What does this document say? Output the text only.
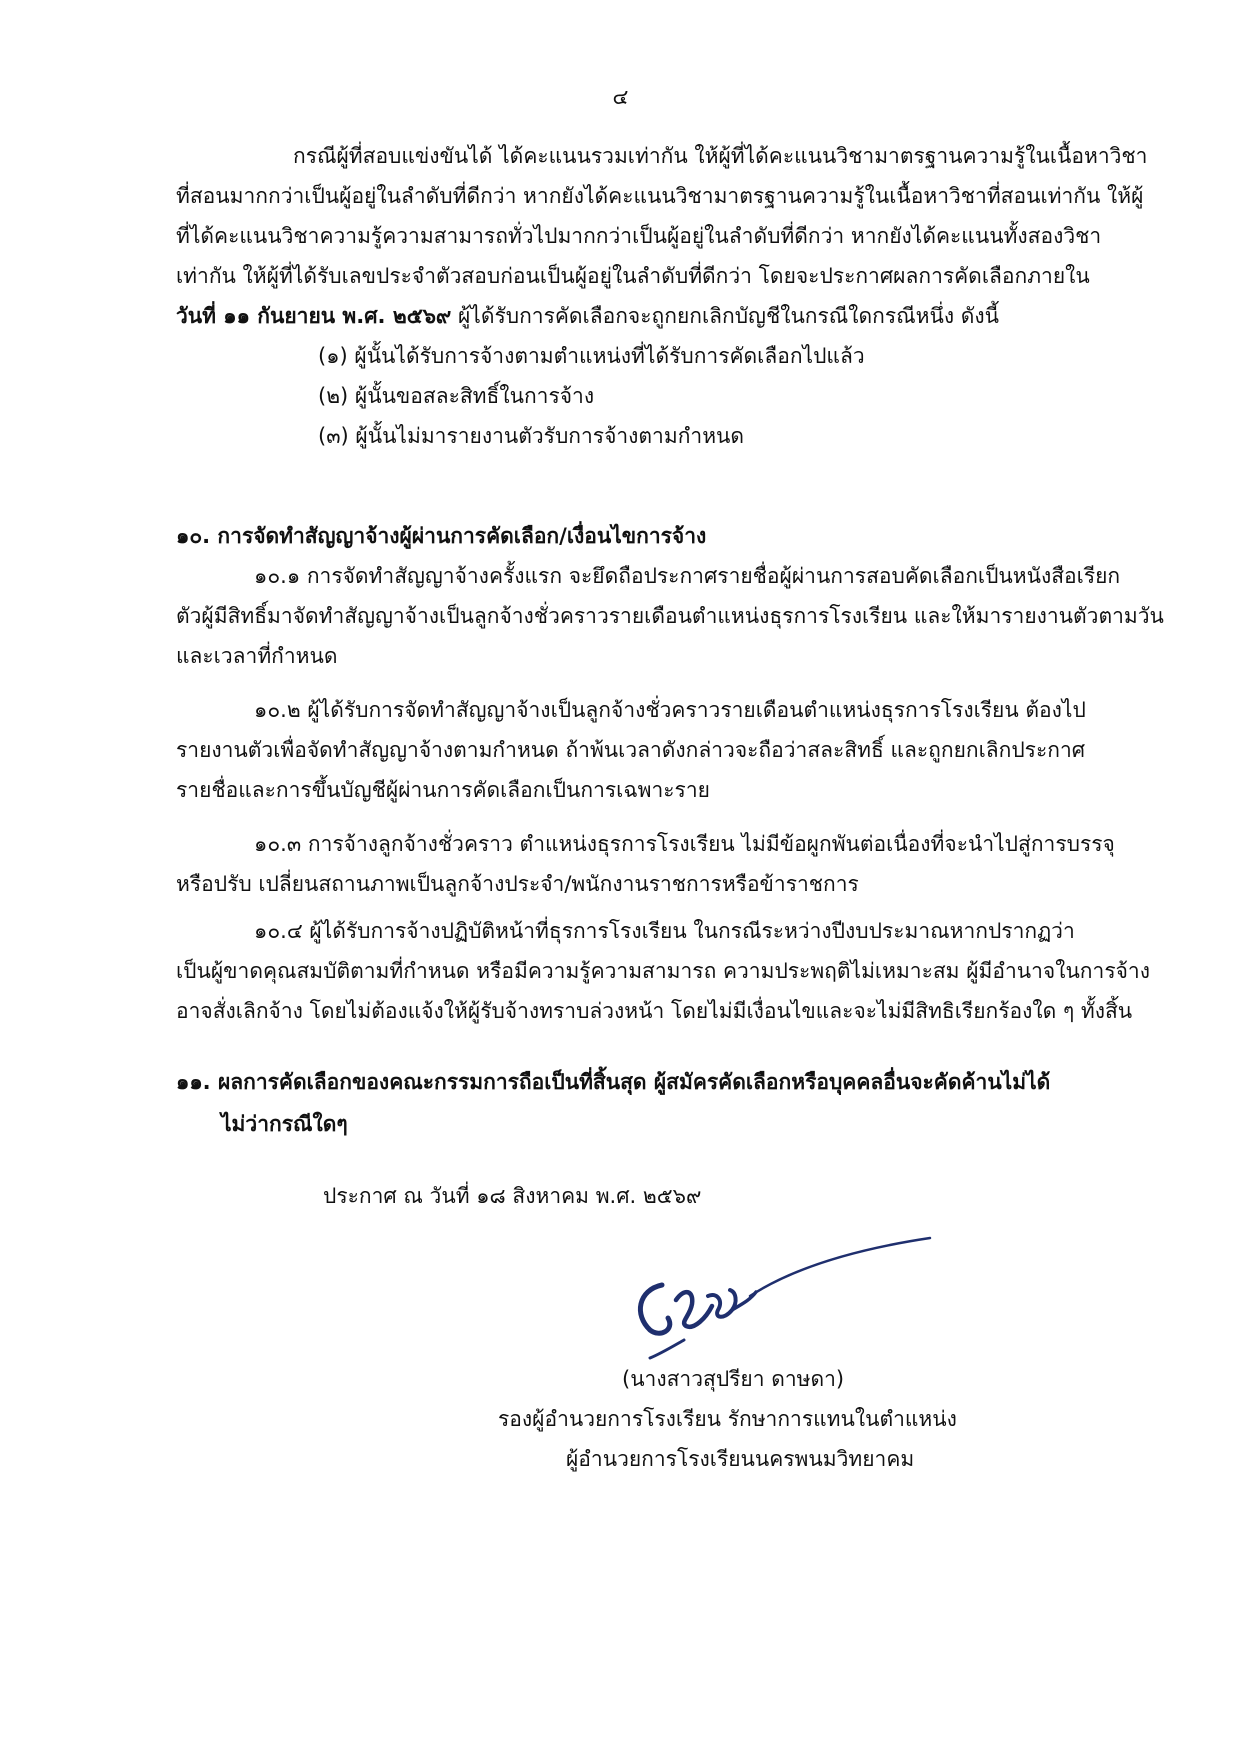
๔
กรณีผู้ที่สอบแข่งขันได้ ได้คะแนนรวมเท่ากัน ให้ผู้ที่ได้คะแนนวิชามาตรฐานความรู้ในเนื้อหาวิชา
ที่สอนมากกว่าเป็นผู้อยู่ในลำดับที่ดีกว่า หากยังได้คะแนนวิชามาตรฐานความรู้ในเนื้อหาวิชาที่สอนเท่ากัน ให้ผู้
ที่ได้คะแนนวิชาความรู้ความสามารถทั่วไปมากกว่าเป็นผู้อยู่ในลำดับที่ดีกว่า หากยังได้คะแนนทั้งสองวิชา
เท่ากัน ให้ผู้ที่ได้รับเลขประจำตัวสอบก่อนเป็นผู้อยู่ในลำดับที่ดีกว่า โดยจะประกาศผลการคัดเลือกภายใน
วันที่ ๑๑ กันยายน พ.ศ. ๒๕๖๙ ผู้ได้รับการคัดเลือกจะถูกยกเลิกบัญชีในกรณีใดกรณีหนึ่ง ดังนี้
(๑) ผู้นั้นได้รับการจ้างตามตำแหน่งที่ได้รับการคัดเลือกไปแล้ว
(๒) ผู้นั้นขอสละสิทธิ์ในการจ้าง
(๓) ผู้นั้นไม่มารายงานตัวรับการจ้างตามกำหนด
๑๐. การจัดทำสัญญาจ้างผู้ผ่านการคัดเลือก/เงื่อนไขการจ้าง
๑๐.๑ การจัดทำสัญญาจ้างครั้งแรก จะยึดถือประกาศรายชื่อผู้ผ่านการสอบคัดเลือกเป็นหนังสือเรียก
ตัวผู้มีสิทธิ์มาจัดทำสัญญาจ้างเป็นลูกจ้างชั่วคราวรายเดือนตำแหน่งธุรการโรงเรียน และให้มารายงานตัวตามวัน
และเวลาที่กำหนด
๑๐.๒ ผู้ได้รับการจัดทำสัญญาจ้างเป็นลูกจ้างชั่วคราวรายเดือนตำแหน่งธุรการโรงเรียน ต้องไป
รายงานตัวเพื่อจัดทำสัญญาจ้างตามกำหนด ถ้าพ้นเวลาดังกล่าวจะถือว่าสละสิทธิ์ และถูกยกเลิกประกาศ
รายชื่อและการขึ้นบัญชีผู้ผ่านการคัดเลือกเป็นการเฉพาะราย
๑๐.๓ การจ้างลูกจ้างชั่วคราว ตำแหน่งธุรการโรงเรียน ไม่มีข้อผูกพันต่อเนื่องที่จะนำไปสู่การบรรจุ
หรือปรับ เปลี่ยนสถานภาพเป็นลูกจ้างประจำ/พนักงานราชการหรือข้าราชการ
๑๐.๔ ผู้ได้รับการจ้างปฏิบัติหน้าที่ธุรการโรงเรียน ในกรณีระหว่างปีงบประมาณหากปรากฏว่า
เป็นผู้ขาดคุณสมบัติตามที่กำหนด หรือมีความรู้ความสามารถ ความประพฤติไม่เหมาะสม ผู้มีอำนาจในการจ้าง
อาจสั่งเลิกจ้าง โดยไม่ต้องแจ้งให้ผู้รับจ้างทราบล่วงหน้า โดยไม่มีเงื่อนไขและจะไม่มีสิทธิเรียกร้องใด ๆ ทั้งสิ้น
๑๑. ผลการคัดเลือกของคณะกรรมการถือเป็นที่สิ้นสุด ผู้สมัครคัดเลือกหรือบุคคลอื่นจะคัดค้านไม่ได้
ไม่ว่ากรณีใดๆ
ประกาศ ณ วันที่ ๑๘ สิงหาคม พ.ศ. ๒๕๖๙
(นางสาวสุปรียา ดาษดา)
รองผู้อำนวยการโรงเรียน รักษาการแทนในตำแหน่ง
ผู้อำนวยการโรงเรียนนครพนมวิทยาคม
